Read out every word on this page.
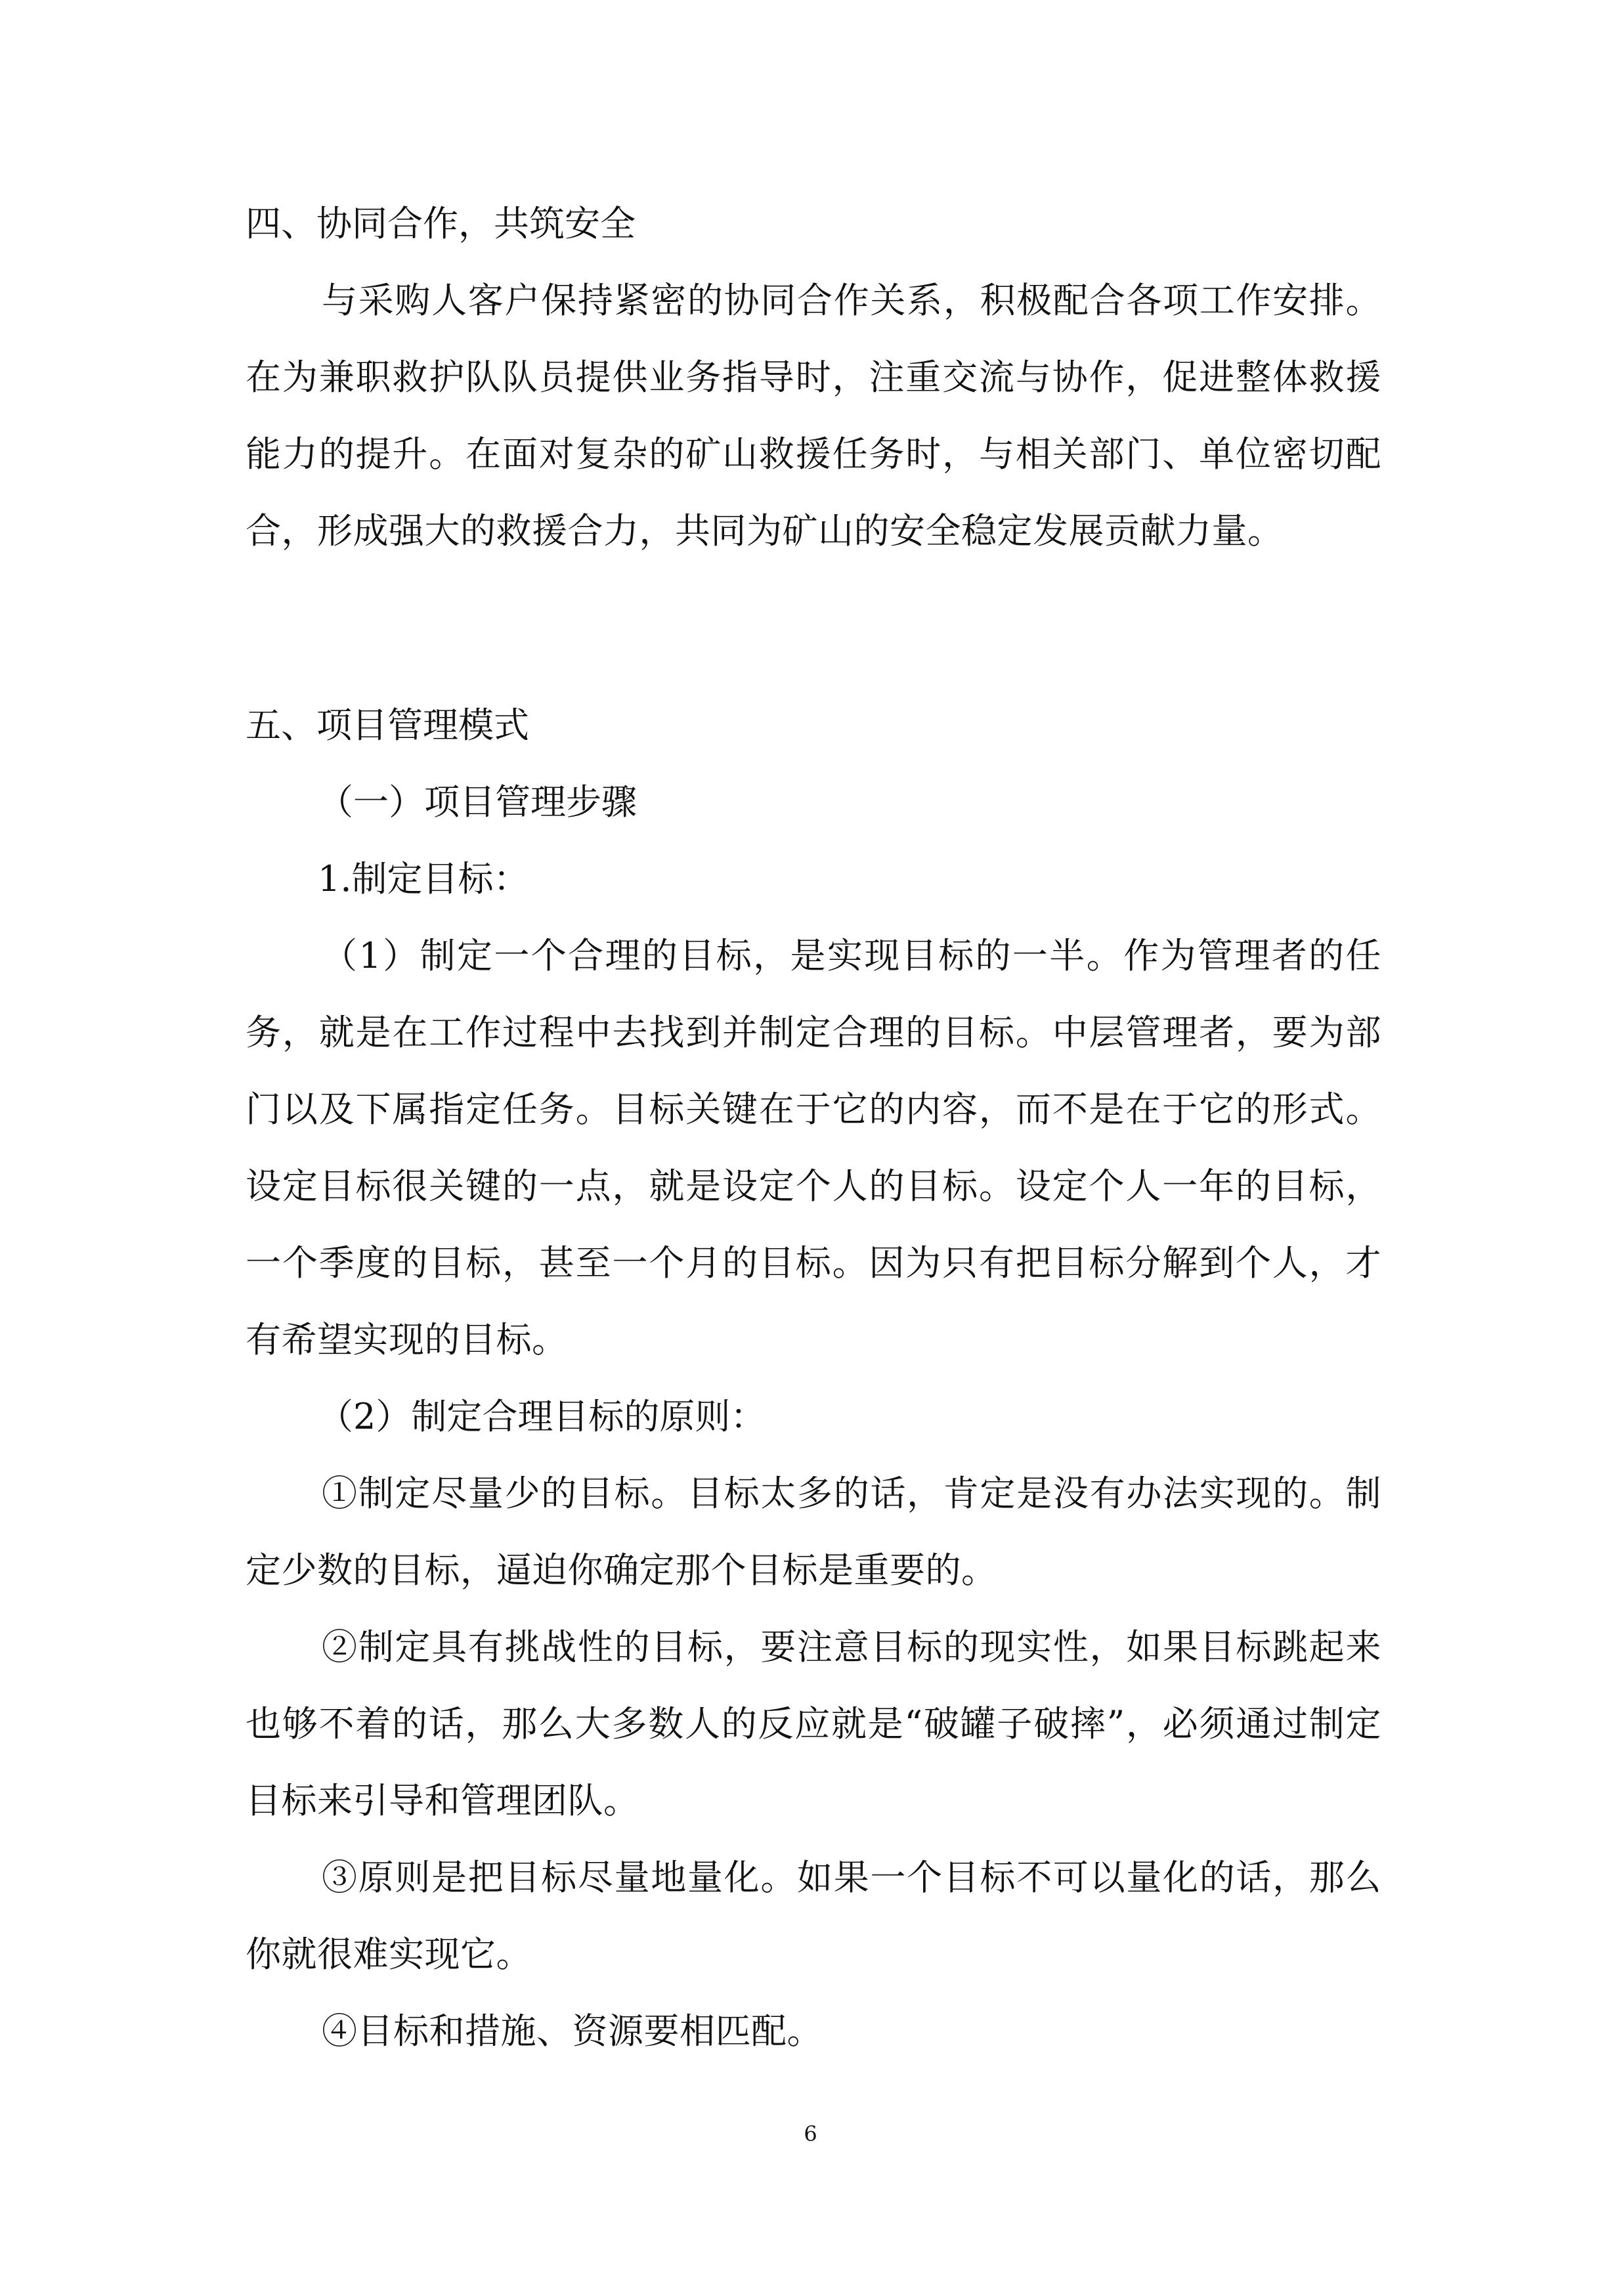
四、协同合作，共筑安全
与采购人客户保持紧密的协同合作关系，积极配合各项工作安排。在为兼职救护队队员提供业务指导时，注重交流与协作，促进整体救援能力的提升。在面对复杂的矿山救援任务时，与相关部门、单位密切配合，形成强大的救援合力，共同为矿山的安全稳定发展贡献力量。
五、项目管理模式
（一）项目管理步骤
1.制定目标：
（1）制定一个合理的目标，是实现目标的一半。作为管理者的任务，就是在工作过程中去找到并制定合理的目标。中层管理者，要为部门以及下属指定任务。目标关键在于它的内容，而不是在于它的形式。设定目标很关键的一点，就是设定个人的目标。设定个人一年的目标，一个季度的目标，甚至一个月的目标。因为只有把目标分解到个人，才有希望实现的目标。
（2）制定合理目标的原则：
①制定尽量少的目标。目标太多的话，肯定是没有办法实现的。制定少数的目标，逼迫你确定那个目标是重要的。
②制定具有挑战性的目标，要注意目标的现实性，如果目标跳起来也够不着的话，那么大多数人的反应就是“破罐子破摔”，必须通过制定目标来引导和管理团队。
③原则是把目标尽量地量化。如果一个目标不可以量化的话，那么你就很难实现它。
④目标和措施、资源要相匹配。
6
